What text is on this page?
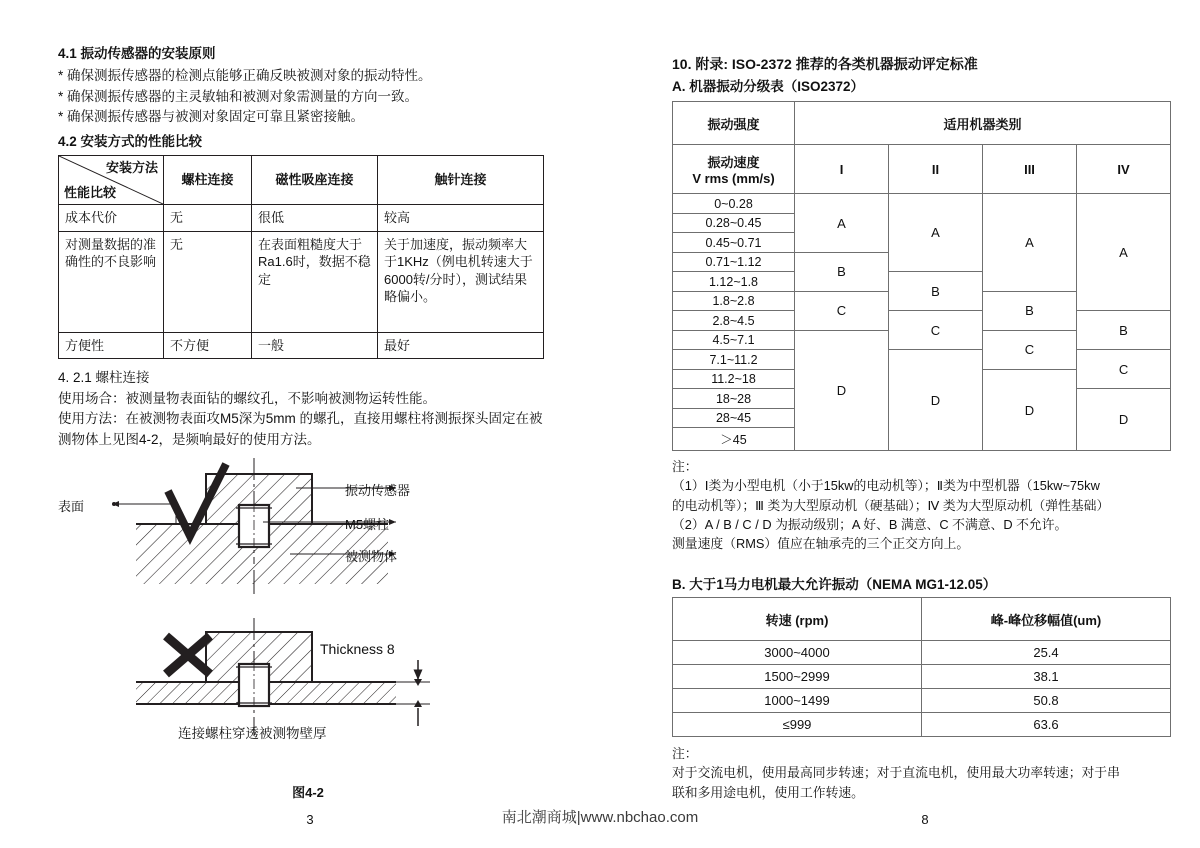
4.1 振动传感器的安装原则
* 确保测振传感器的检测点能够正确反映被测对象的振动特性。
* 确保测振传感器的主灵敏轴和被测对象需测量的方向一致。
* 确保测振传感器与被测对象固定可靠且紧密接触。
4.2 安装方式的性能比较
安装方法
性能比较	螺柱连接	磁性吸座连接	触针连接
成本代价	无	很低	较高
对测量数据的准确性的不良影响	无	在表面粗糙度大于Ra1.6时，数据不稳定	关于加速度，振动频率大于1KHz（例电机转速大于6000转/分时），测试结果略偏小。
方便性	不方便	一般	最好
4. 2.1 螺柱连接
使用场合：被测量物表面钻的螺纹孔，不影响被测物运转性能。
使用方法：在被测物表面攻M5深为5mm 的螺孔，直接用螺柱将测振探头固定在被测物体上见图4-2，是频响最好的使用方法。
振动传感器
M5螺柱
被测物体
表面
Thickness 8
连接螺柱穿透被测物壁厚
图4-2
10. 附录: ISO-2372 推荐的各类机器振动评定标准
A. 机器振动分级表（ISO2372）
振动强度	适用机器类别			

振动速度
V rms (mm/s)	I	II	III	IV
0~0.28	A	A	A	A
0.28~0.45				
0.45~0.71				
0.71~1.12	B			
1.12~1.8		B		
1.8~2.8	C		B	
2.8~4.5		C		B
4.5~7.1	D		C	
7.1~11.2		D		C
11.2~18			D	
18~28				D
28~45				
＞45				
注：
（1）Ⅰ类为小型电机（小于15kw的电动机等）；Ⅱ类为中型机器（15kw~75kw
的电动机等）；Ⅲ 类为大型原动机（硬基础）；Ⅳ 类为大型原动机（弹性基础）
（2）A / B / C / D 为振动级别；A 好、B 满意、C 不满意、D 不允许。
测量速度（RMS）值应在轴承壳的三个正交方向上。
B. 大于1马力电机最大允许振动（NEMA MG1-12.05）
转速 (rpm)	峰-峰位移幅值(um)
3000~4000	25.4
1500~2999	38.1
1000~1499	50.8
≤999	63.6
注：
对于交流电机，使用最高同步转速；对于直流电机，使用最大功率转速；对于串
联和多用途电机，使用工作转速。
3	南北潮商城|www.nbchao.com	8
